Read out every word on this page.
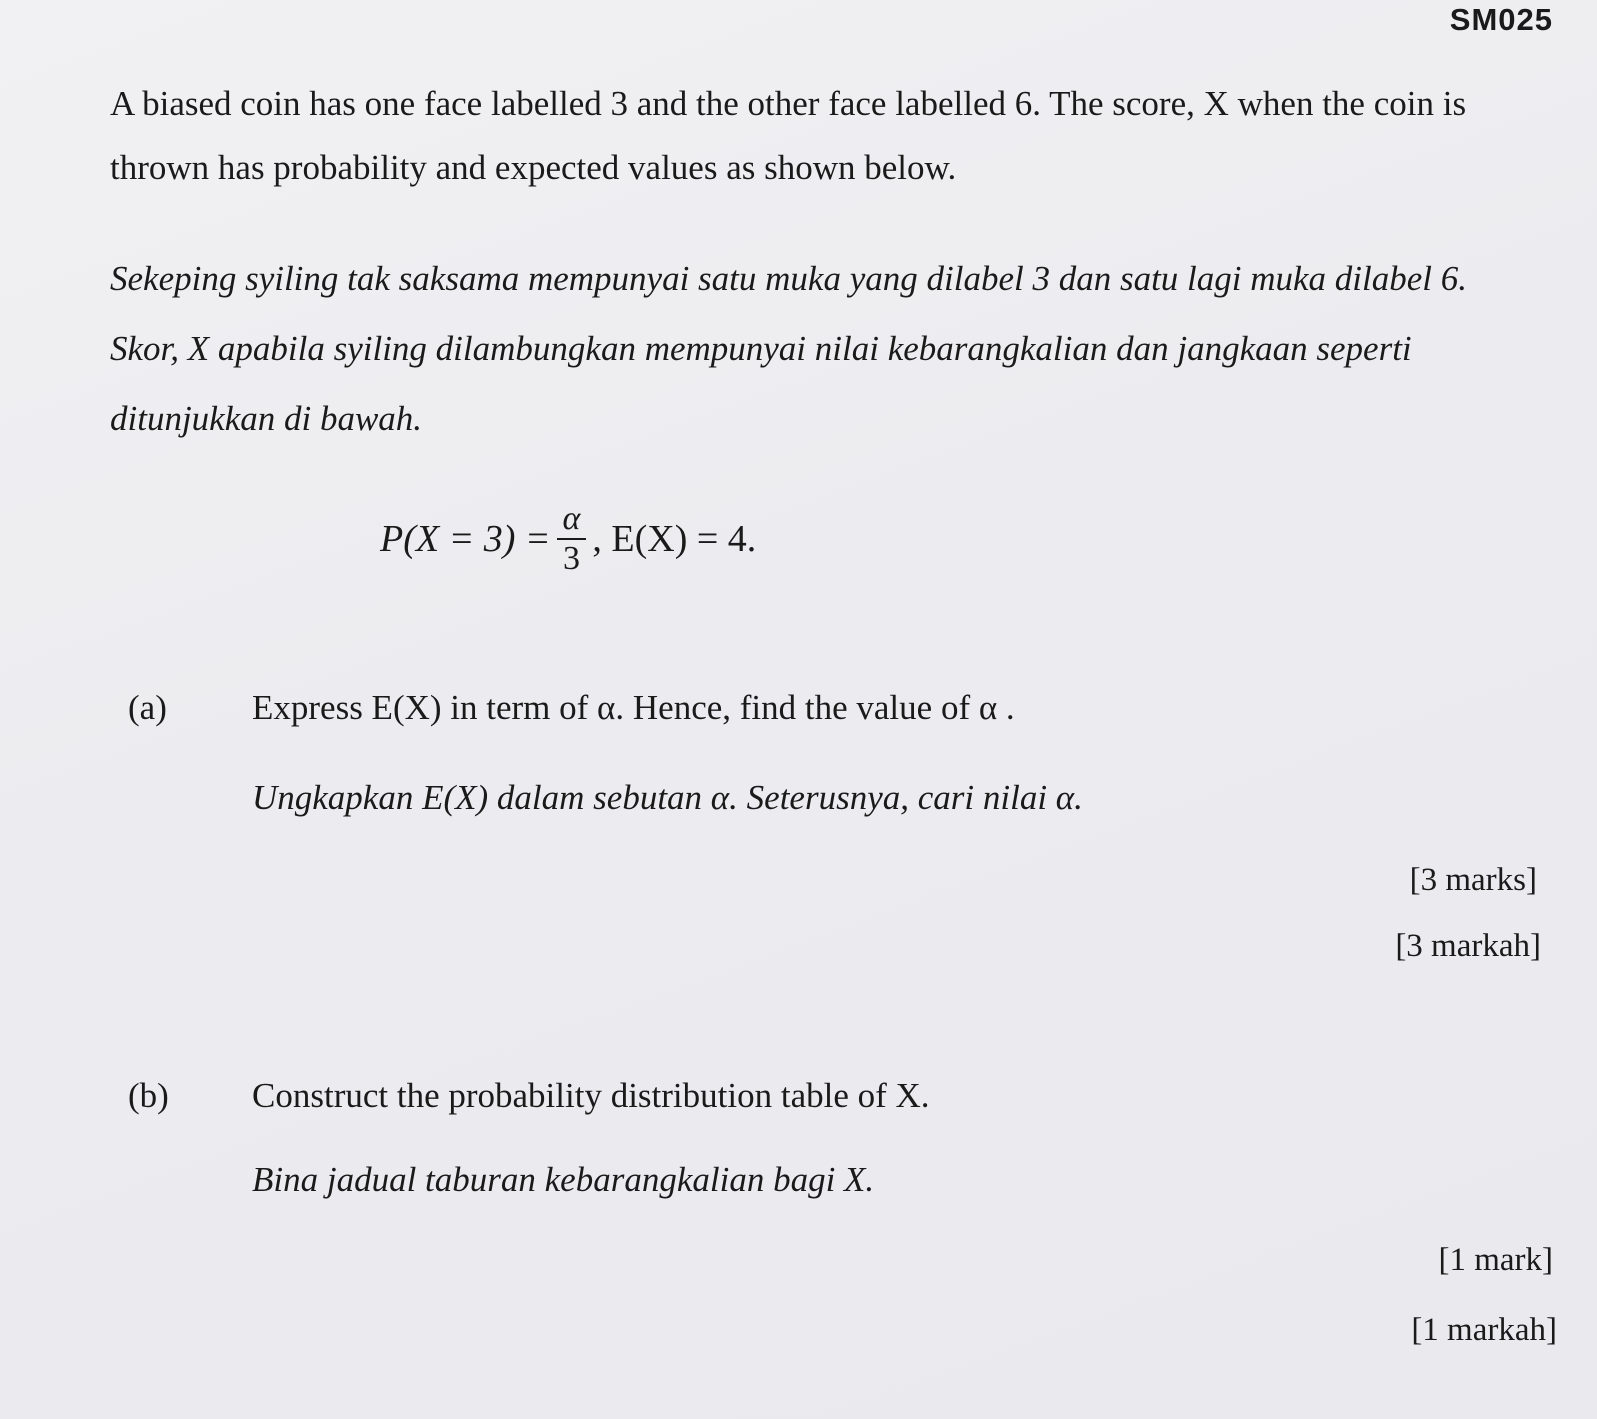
SM025
A biased coin has one face labelled 3 and the other face labelled 6. The score, X when the coin is thrown has probability and expected values as shown below.
Sekeping syiling tak saksama mempunyai satu muka yang dilabel 3 dan satu lagi muka dilabel 6. Skor, X apabila syiling dilambungkan mempunyai nilai kebarangkalian dan jangkaan seperti ditunjukkan di bawah.
$P(X = 3) = \frac{\alpha}{3}$ , E(X) = 4.
(a) Express E(X) in term of α. Hence, find the value of α .
Ungkapkan E(X) dalam sebutan α. Seterusnya, cari nilai α.
[3 marks]
[3 markah]
(b) Construct the probability distribution table of X.
Bina jadual taburan kebarangkalian bagi X.
[1 mark]
[1 markah]
